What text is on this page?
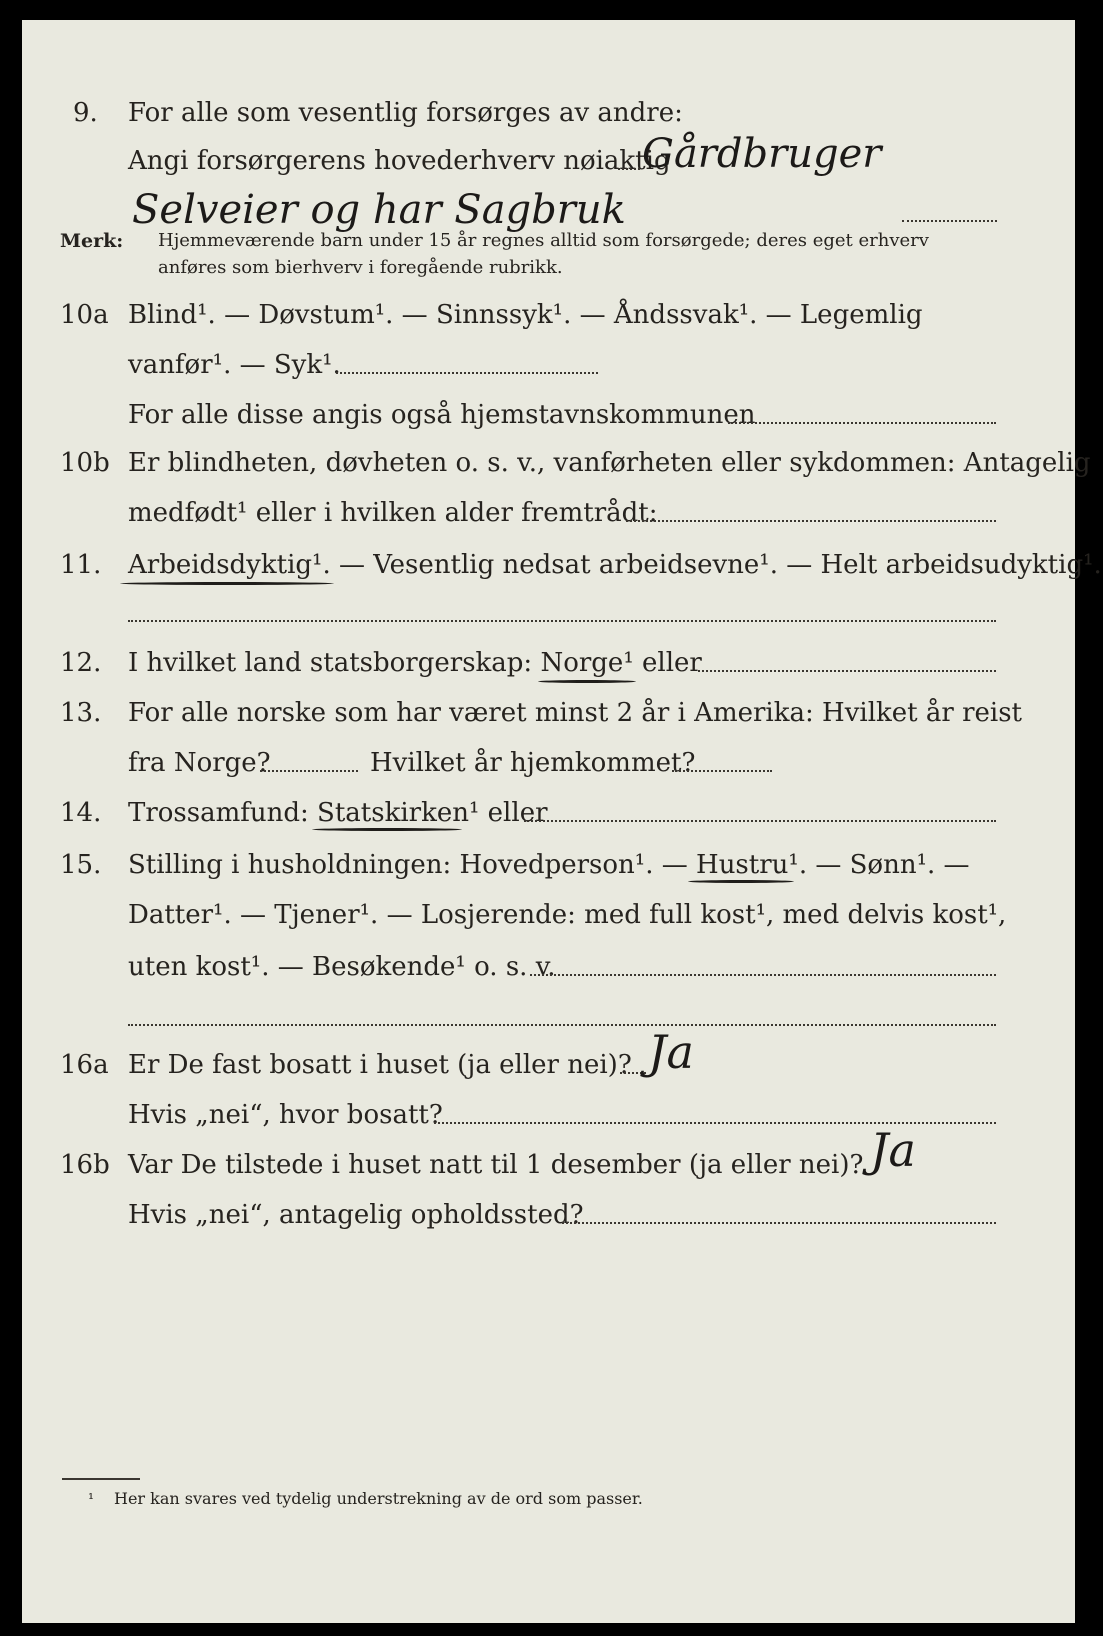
9. For alle som vesentlig forsørges av andre:
Angi forsørgerens hovederhverv nøiaktig
Gårdbruger
Selveier og har Sagbruk
Merk: Hjemmeværende barn under 15 år regnes alltid som forsørgede; deres eget erhverv
anføres som bierhverv i foregående rubrikk.
10a Blind¹. — Døvstum¹. — Sinnssyk¹. — Åndssvak¹. — Legemlig
vanfør¹. — Syk¹.
For alle disse angis også hjemstavnskommunen
10b Er blindheten, døvheten o. s. v., vanførheten eller sykdommen: Antagelig
medfødt¹ eller i hvilken alder fremtrådt:
11. Arbeidsdyktig¹. — Vesentlig nedsat arbeidsevne¹. — Helt arbeidsudyktig¹.
12. I hvilket land statsborgerskap: Norge¹ eller
13. For alle norske som har været minst 2 år i Amerika: Hvilket år reist
fra Norge?	Hvilket år hjemkommet?
14. Trossamfund: Statskirken¹ eller
15. Stilling i husholdningen: Hovedperson¹. — Hustru¹. — Sønn¹. —
Datter¹. — Tjener¹. — Losjerende: med full kost¹, med delvis kost¹,
uten kost¹. — Besøkende¹ o. s. v.
16a Er De fast bosatt i huset (ja eller nei)? Ja
Hvis „nei“, hvor bosatt?
16b Var De tilstede i huset natt til 1 desember (ja eller nei)? Ja
Hvis „nei“, antagelig opholdssted?
¹ Her kan svares ved tydelig understrekning av de ord som passer.
